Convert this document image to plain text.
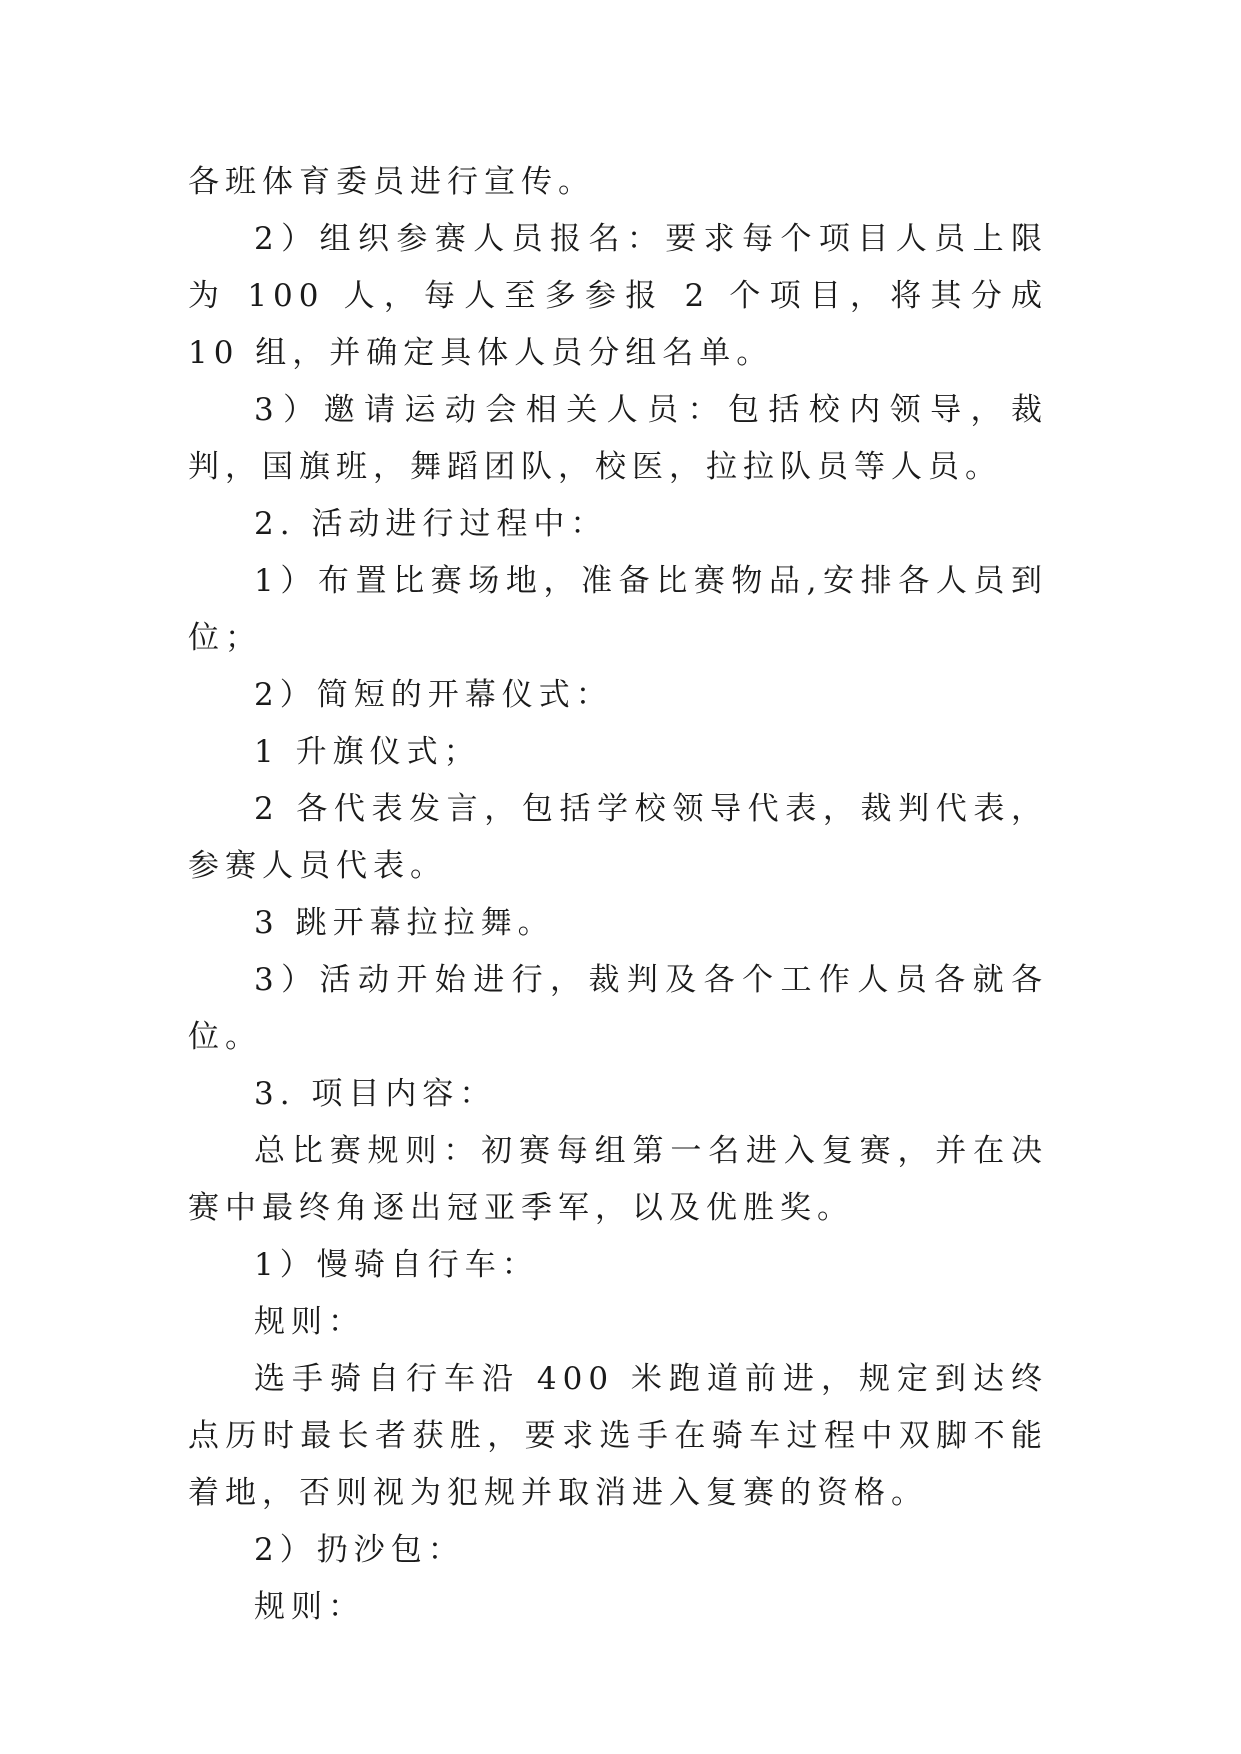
各班体育委员进行宣传。

2）组织参赛人员报名：要求每个项目人员上限为 100 人，每人至多参报 2 个项目，将其分成 10 组，并确定具体人员分组名单。

3）邀请运动会相关人员：包括校内领导，裁判，国旗班，舞蹈团队，校医，拉拉队员等人员。

2. 活动进行过程中：

1）布置比赛场地，准备比赛物品,安排各人员到位；

2）简短的开幕仪式：

1 升旗仪式；

2 各代表发言，包括学校领导代表，裁判代表，参赛人员代表。

3 跳开幕拉拉舞。

3）活动开始进行，裁判及各个工作人员各就各位。

3. 项目内容：

总比赛规则：初赛每组第一名进入复赛，并在决赛中最终角逐出冠亚季军，以及优胜奖。

1）慢骑自行车：

规则：

选手骑自行车沿 400 米跑道前进，规定到达终点历时最长者获胜，要求选手在骑车过程中双脚不能着地，否则视为犯规并取消进入复赛的资格。

2）扔沙包：

规则：
